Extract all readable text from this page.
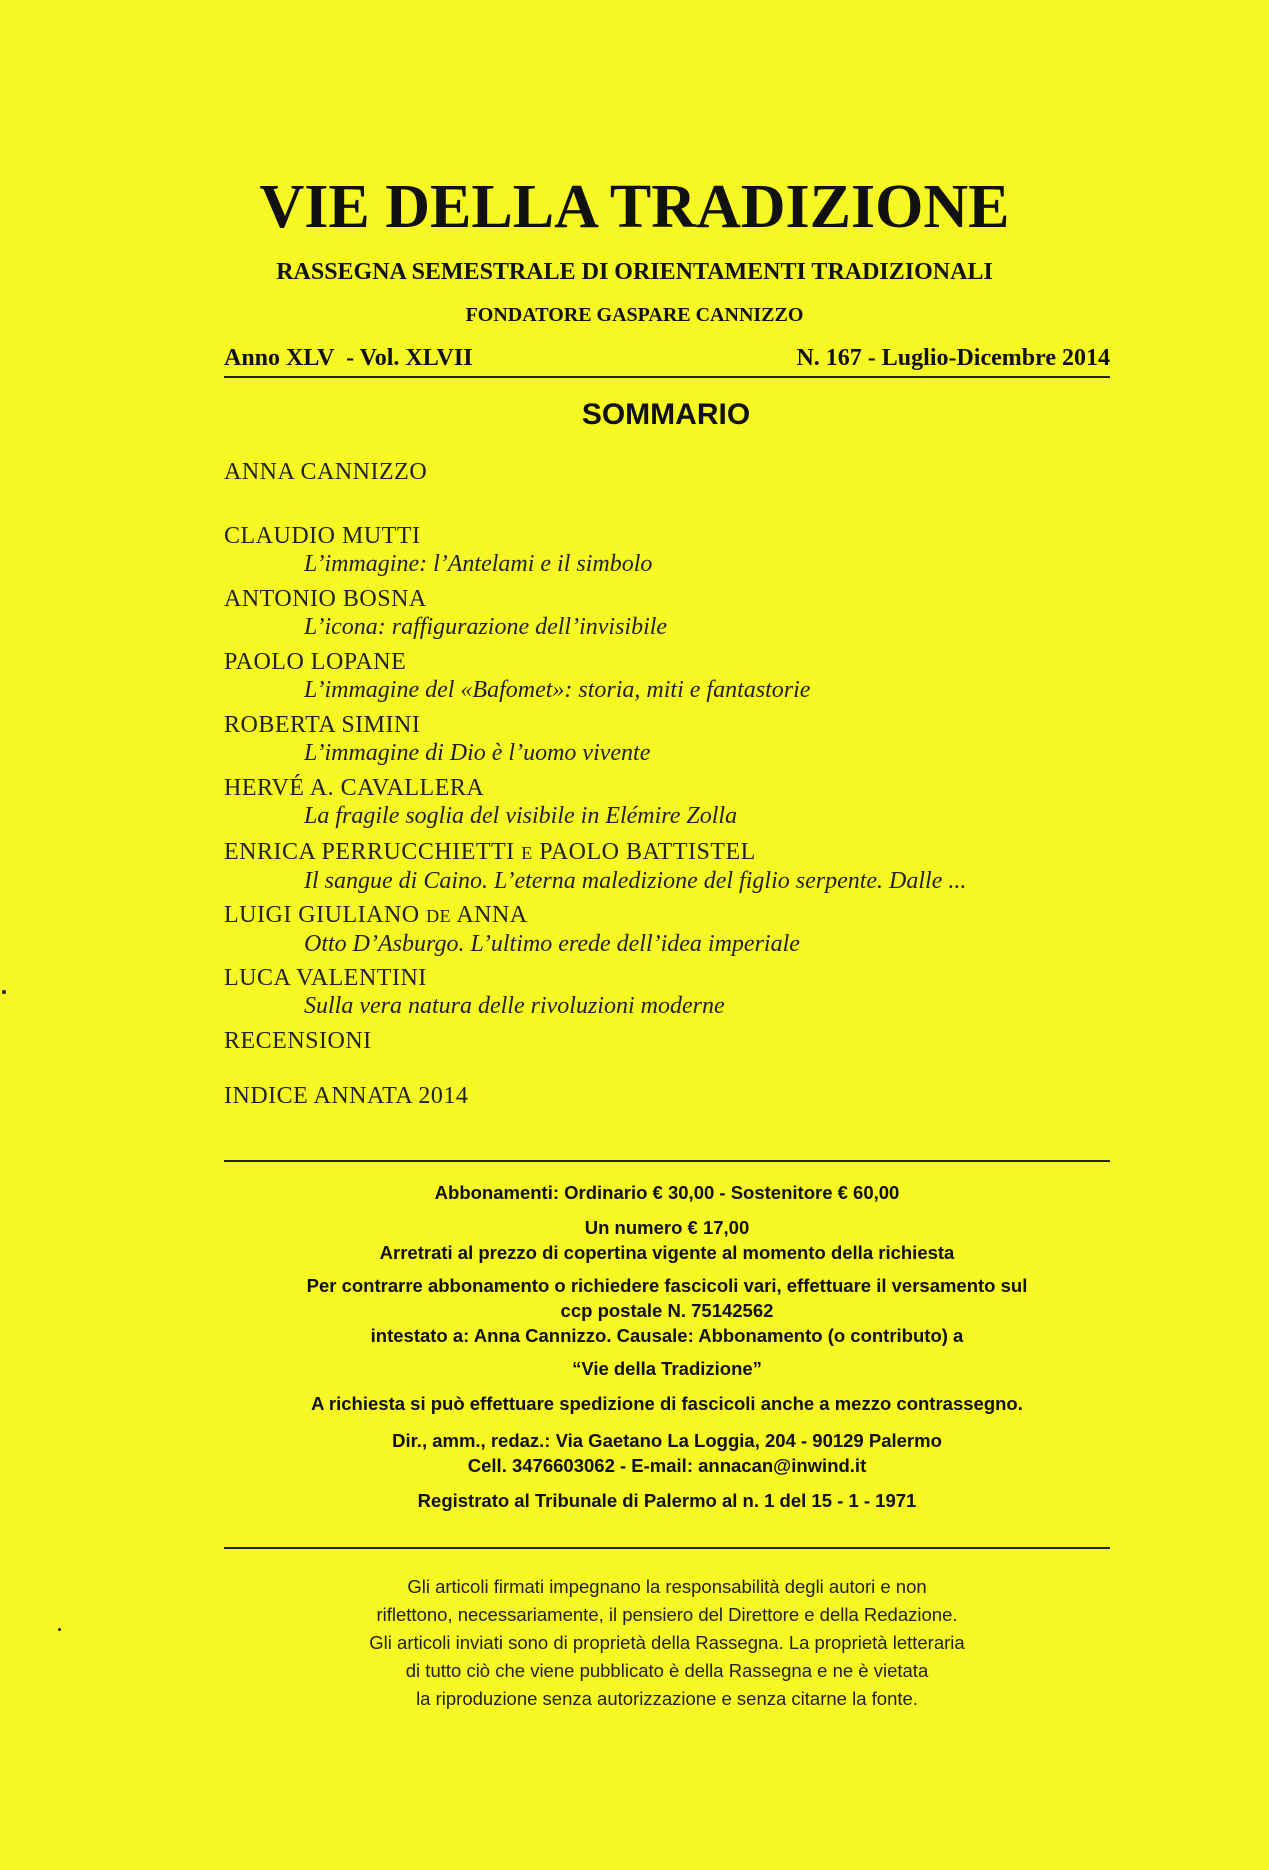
VIE DELLA TRADIZIONE
RASSEGNA SEMESTRALE DI ORIENTAMENTI TRADIZIONALI
FONDATORE GASPARE CANNIZZO
Anno XLV  - Vol. XLVII	N. 167 - Luglio-Dicembre 2014
SOMMARIO
ANNA CANNIZZO
CLAUDIO MUTTI
L’immagine: l’Antelami e il simbolo
ANTONIO BOSNA
L’icona: raffigurazione dell’invisibile
PAOLO LOPANE
L’immagine del «Bafomet»: storia, miti e fantastorie
ROBERTA SIMINI
L’immagine di Dio è l’uomo vivente
HERVÉ A. CAVALLERA
La fragile soglia del visibile in Elémire Zolla
ENRICA PERRUCCHIETTI E PAOLO BATTISTEL
Il sangue di Caino. L’eterna maledizione del figlio serpente. Dalle ...
LUIGI GIULIANO DE ANNA
Otto D’Asburgo. L’ultimo erede dell’idea imperiale
LUCA VALENTINI
Sulla vera natura delle rivoluzioni moderne
RECENSIONI
INDICE ANNATA 2014

Abbonamenti: Ordinario € 30,00 - Sostenitore € 60,00

Un numero € 17,00

Arretrati al prezzo di copertina vigente al momento della richiesta

Per contrarre abbonamento o richiedere fascicoli vari, effettuare il versamento sul

ccp postale N. 75142562

intestato a: Anna Cannizzo. Causale: Abbonamento (o contributo) a

“Vie della Tradizione”

A richiesta si può effettuare spedizione di fascicoli anche a mezzo contrassegno.

Dir., amm., redaz.: Via Gaetano La Loggia, 204 - 90129 Palermo

Cell. 3476603062 - E-mail: annacan@inwind.it

Registrato al Tribunale di Palermo al n. 1 del 15 - 1 - 1971

Gli articoli firmati impegnano la responsabilità degli autori e non

riflettono, necessariamente, il pensiero del Direttore e della Redazione.

Gli articoli inviati sono di proprietà della Rassegna. La proprietà letteraria

di tutto ciò che viene pubblicato è della Rassegna e ne è vietata

la riproduzione senza autorizzazione e senza citarne la fonte.
